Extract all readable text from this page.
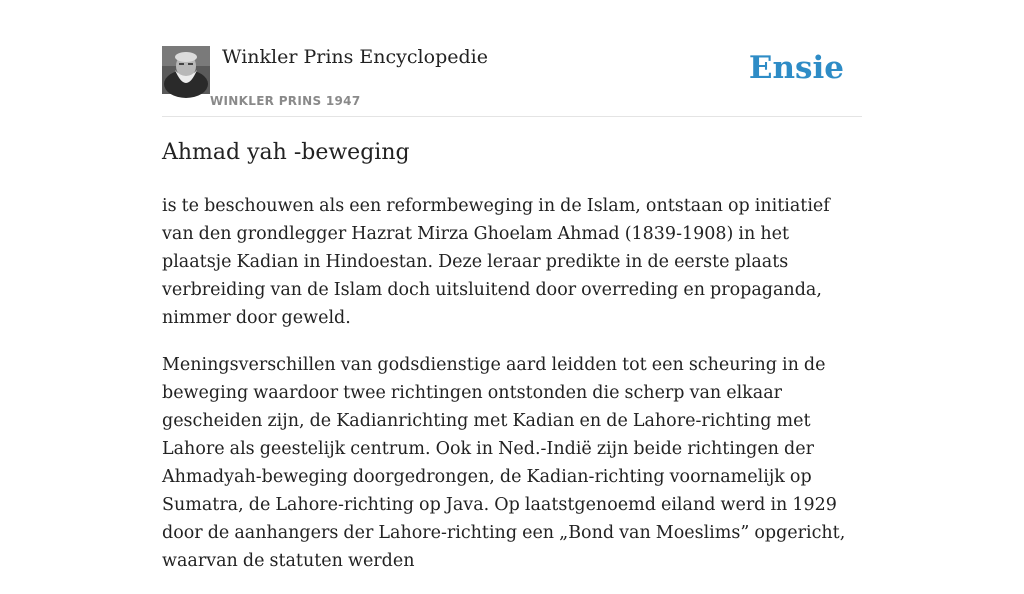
Winkler Prins Encyclopedie
WINKLER PRINS 1947
Ensie
Ahmad yah -beweging

is te beschouwen als een reformbeweging in de Islam, ontstaan op initiatief van den grondlegger Hazrat Mirza Ghoelam Ahmad (1839-1908) in het plaatsje Kadian in Hindoestan. Deze leraar predikte in de eerste plaats verbreiding van de Islam doch uitsluitend door overreding en propaganda, nimmer door geweld.

Meningsverschillen van godsdienstige aard leidden tot een scheuring in de beweging waardoor twee richtingen ontstonden die scherp van elkaar gescheiden zijn, de Kadianrichting met Kadian en de Lahore-richting met Lahore als geestelijk centrum. Ook in Ned.-Indië zijn beide richtingen der Ahmadyah-beweging doorgedrongen, de Kadian-richting voornamelijk op Sumatra, de Lahore-richting op Java. Op laatstgenoemd eiland werd in 1929 door de aanhangers der Lahore-richting een „Bond van Moeslims” opgericht, waarvan de statuten werden
